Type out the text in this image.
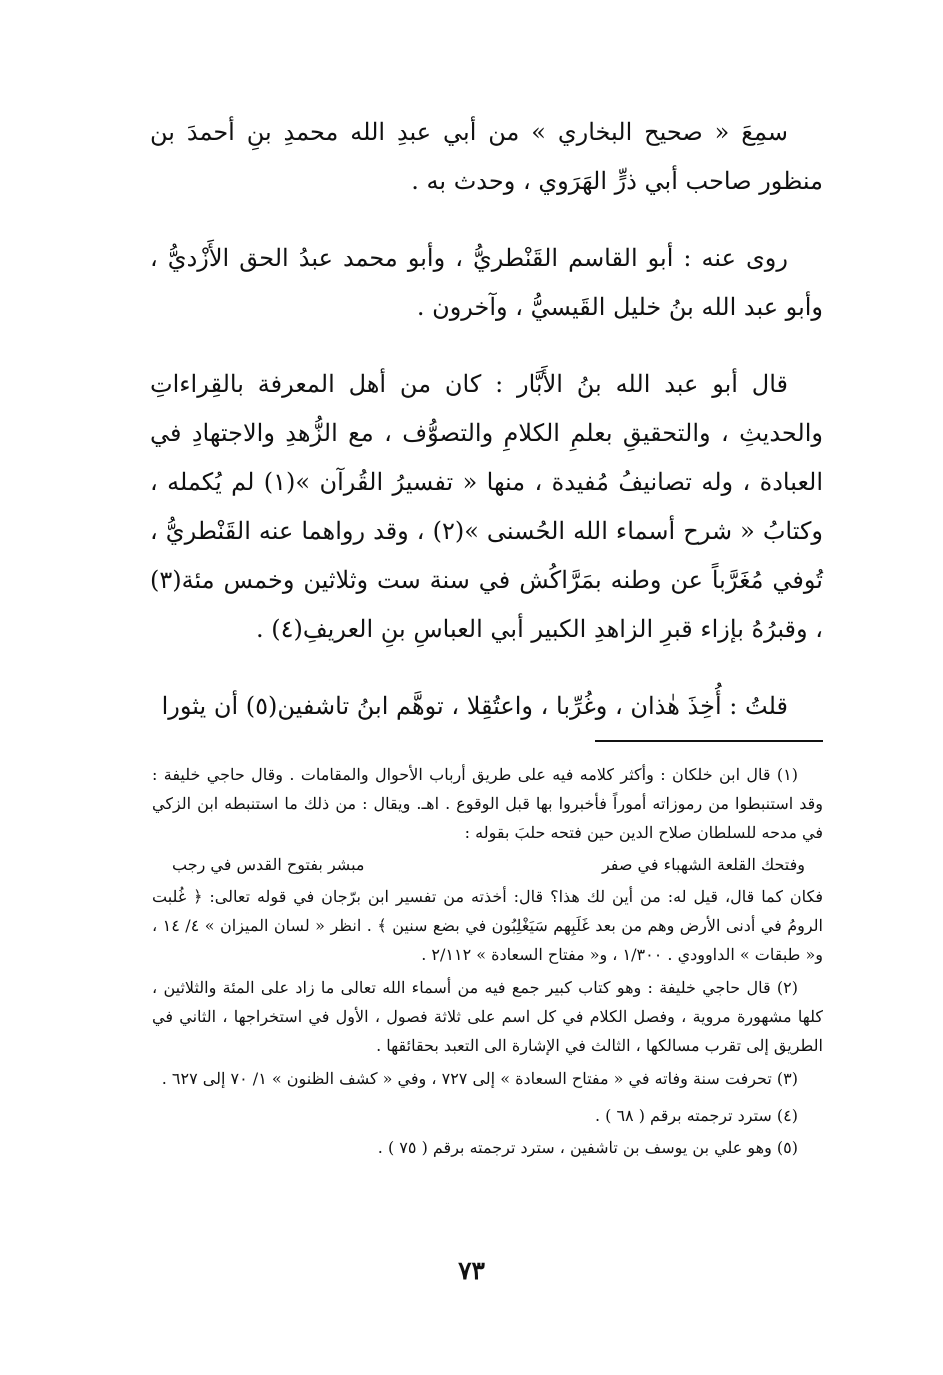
سمِعَ « صحيح البخاري » من أبي عبدِ الله محمدِ بنِ أحمدَ بن منظور صاحب أبي ذرٍّ الهَرَوي ، وحدث به .

روى عنه : أبو القاسم القَنْطريُّ ، وأبو محمد عبدُ الحق الأَزْديُّ ، وأبو عبد الله بنُ خليل القَيسيُّ ، وآخرون .

قال أبو عبد الله بنُ الأَبَّار : كان من أهل المعرفة بالقِراءاتِ والحديثِ ، والتحقيقِ بعلمِ الكلامِ والتصوُّف ، مع الزُّهدِ والاجتهادِ في العبادة ، وله تصانيفُ مُفيدة ، منها « تفسيرُ القُرآن »(١) لم يُكمله ، وكتابُ « شرح أسماء الله الحُسنى »(٢) ، وقد رواهما عنه القَنْطريُّ ، تُوفي مُغَرَّباً عن وطنه بمَرَّاكُش في سنة ست وثلاثين وخمس مئة(٣) ، وقبرُهُ بإزاء قبرِ الزاهدِ الكبير أبي العباسِ بنِ العريفِ(٤) .

قلتُ : أُخِذَ هٰذان ، وغُرِّبا ، واعتُقِلا ، توهَّم ابنُ تاشفين(٥) أن يثورا

(١) قال ابن خلكان : وأكثر كلامه فيه على طريق أرباب الأحوال والمقامات . وقال حاجي خليفة : وقد استنبطوا من رموزاته أموراً فأخبروا بها قبل الوقوع . اهـ. ويقال : من ذلك ما استنبطه ابن الزكي في مدحه للسلطان صلاح الدين حين فتحه حلبَ بقوله :

وفتحك القلعة الشهباء في صفر
مبشر بفتوح القدس في رجب

فكان كما قال، قيل له: من أين لك هذا؟ قال: أخذته من تفسير ابن برّجان في قوله تعالى: ﴿ غُلبت الرومُ في أدنى الأرض وهم من بعد غَلَبِهم سَيَغْلِبُون في بضع سنين ﴾ . انظر « لسان الميزان » ٤/ ١٤ ، و« طبقات » الداوودي . ١/٣٠٠ ، و« مفتاح السعادة » ٢/١١٢ .

(٢) قال حاجي خليفة : وهو كتاب كبير جمع فيه من أسماء الله تعالى ما زاد على المئة والثلاثين ، كلها مشهورة مروية ، وفصل الكلام في كل اسم على ثلاثة فصول ، الأول في استخراجها ، الثاني في الطريق إلى تقرب مسالكها ، الثالث في الإشارة الى التعبد بحقائقها .

(٣) تحرفت سنة وفاته في « مفتاح السعادة » إلى ٧٢٧ ، وفي « كشف الظنون » ١/ ٧٠ إلى ٦٢٧ .

(٤) سترد ترجمته برقم ( ٦٨ ) .

(٥) وهو علي بن يوسف بن تاشفين ، سترد ترجمته برقم ( ٧٥ ) .

٧٣
